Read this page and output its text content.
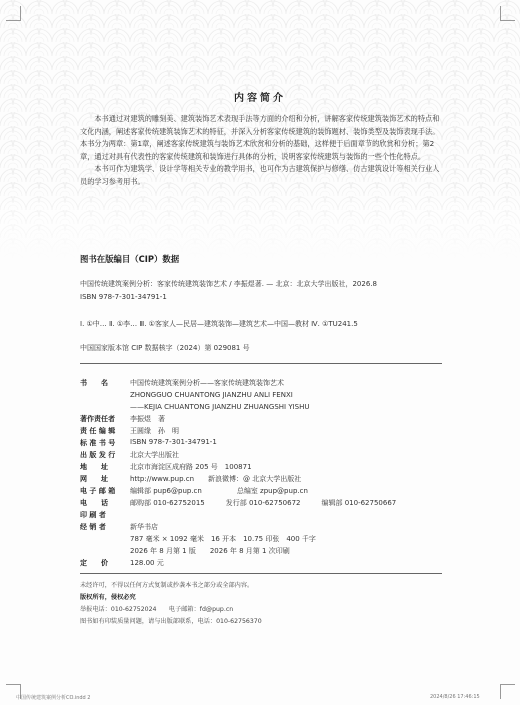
内容简介

本书通过对建筑的雕刻美、建筑装饰艺术表现手法等方面的介绍和分析，讲解客家传统建筑装饰艺术的特点和文化内涵，阐述客家传统建筑装饰艺术的特征，并深入分析客家传统建筑的装饰题材、装饰类型及装饰表现手法。本书分为两章：第1章，阐述客家传统建筑与装饰艺术欣赏和分析的基础，这样便于后面章节的欣赏和分析；第2章，通过对具有代表性的客家传统建筑和装饰进行具体的分析，说明客家传统建筑与装饰的一些个性化特点。

本书可作为建筑学、设计学等相关专业的教学用书，也可作为古建筑保护与修缮、仿古建筑设计等相关行业人员的学习参考用书。

图书在版编目（CIP）数据
中国传统建筑案例分析：客家传统建筑装饰艺术 / 李振煜著. — 北京：北京大学出版社，2026.8
ISBN 978-7-301-34791-1
Ⅰ. ①中… Ⅱ. ①李… Ⅲ. ①客家人—民居—建筑装饰—建筑艺术—中国—教材 Ⅳ. ①TU241.5
中国国家版本馆 CIP 数据核字（2024）第 029081 号
书　　名	中国传统建筑案例分析——客家传统建筑装饰艺术
ZHONGGUO CHUANTONG JIANZHU ANLI FENXI
——KEJIA CHUANTONG JIANZHU ZHUANGSHI YISHU
著作责任者	李振煜　著
责 任 编 辑	王圆缘　孙　明
标 准 书 号	ISBN 978-7-301-34791-1
出 版 发 行	北京大学出版社
地　　址	北京市海淀区成府路 205 号　100871
网　　址	http://www.pup.cn　　新浪微博：@ 北京大学出版社
电 子 邮 箱	编辑部 pup6@pup.cn　　　　　总编室 zpup@pup.cn
电　　话	邮购部 010-62752015　　　发行部 010-62750672　　　编辑部 010-62750667
印 刷 者
经 销 者	新华书店
787 毫米 × 1092 毫米　16 开本　10.75 印张　400 千字
2026 年 8 月第 1 版　　2026 年 8 月第 1 次印刷
定　　价	128.00 元
未经许可，不得以任何方式复制或抄袭本书之部分或全部内容。
版权所有，侵权必究
举报电话：010-62752024　　电子邮箱：fd@pup.cn
图书如有印装质量问题，请与出版部联系，电话：010-62756370
中国传统建筑案例分析CO.indd 2	2024/8/26 17:46:15
